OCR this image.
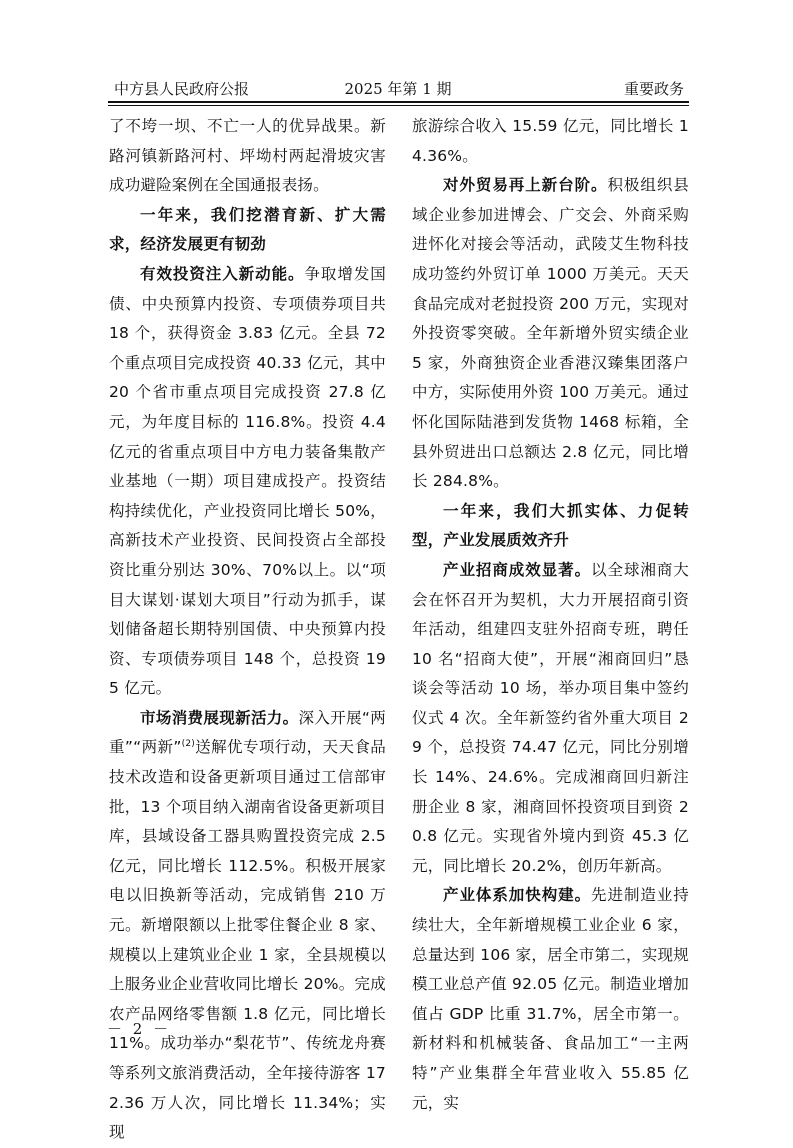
中方县人民政府公报	2025 年第 1 期	重要政务

了不垮一坝、不亡一人的优异战果。新路河镇新路河村、坪坳村两起滑坡灾害成功避险案例在全国通报表扬。

一年来，我们挖潜育新、扩大需求，经济发展更有韧劲

有效投资注入新动能。争取增发国债、中央预算内投资、专项债券项目共 18 个，获得资金 3.83 亿元。全县 72 个重点项目完成投资 40.33 亿元，其中 20 个省市重点项目完成投资 27.8 亿元，为年度目标的 116.8%。投资 4.4 亿元的省重点项目中方电力装备集散产业基地（一期）项目建成投产。投资结构持续优化，产业投资同比增长 50%，高新技术产业投资、民间投资占全部投资比重分别达 30%、70%以上。以“项目大谋划·谋划大项目”行动为抓手，谋划储备超长期特别国债、中央预算内投资、专项债券项目 148 个，总投资 195 亿元。

市场消费展现新活力。深入开展“两重”“两新”$^{(2)}$送解优专项行动，天天食品技术改造和设备更新项目通过工信部审批，13 个项目纳入湖南省设备更新项目库，县域设备工器具购置投资完成 2.5 亿元，同比增长 112.5%。积极开展家电以旧换新等活动，完成销售 210 万元。新增限额以上批零住餐企业 8 家、规模以上建筑业企业 1 家，全县规模以上服务业企业营收同比增长 20%。完成农产品网络零售额 1.8 亿元，同比增长 11%。成功举办“梨花节”、传统龙舟赛等系列文旅消费活动，全年接待游客 172.36 万人次，同比增长 11.34%；实现

旅游综合收入 15.59 亿元，同比增长 14.36%。

对外贸易再上新台阶。积极组织县域企业参加进博会、广交会、外商采购进怀化对接会等活动，武陵艾生物科技成功签约外贸订单 1000 万美元。天天食品完成对老挝投资 200 万元，实现对外投资零突破。全年新增外贸实绩企业 5 家，外商独资企业香港汉臻集团落户中方，实际使用外资 100 万美元。通过怀化国际陆港到发货物 1468 标箱，全县外贸进出口总额达 2.8 亿元，同比增长 284.8%。

一年来，我们大抓实体、力促转型，产业发展质效齐升

产业招商成效显著。以全球湘商大会在怀召开为契机，大力开展招商引资年活动，组建四支驻外招商专班，聘任 10 名“招商大使”，开展“湘商回归”恳谈会等活动 10 场，举办项目集中签约仪式 4 次。全年新签约省外重大项目 29 个，总投资 74.47 亿元，同比分别增长 14%、24.6%。完成湘商回归新注册企业 8 家，湘商回怀投资项目到资 20.8 亿元。实现省外境内到资 45.3 亿元，同比增长 20.2%，创历年新高。

产业体系加快构建。先进制造业持续壮大，全年新增规模工业企业 6 家，总量达到 106 家，居全市第二，实现规模工业总产值 92.05 亿元。制造业增加值占 GDP 比重 31.7%，居全市第一。新材料和机械装备、食品加工“一主两特”产业集群全年营业收入 55.85 亿元，实

－ 2 －
